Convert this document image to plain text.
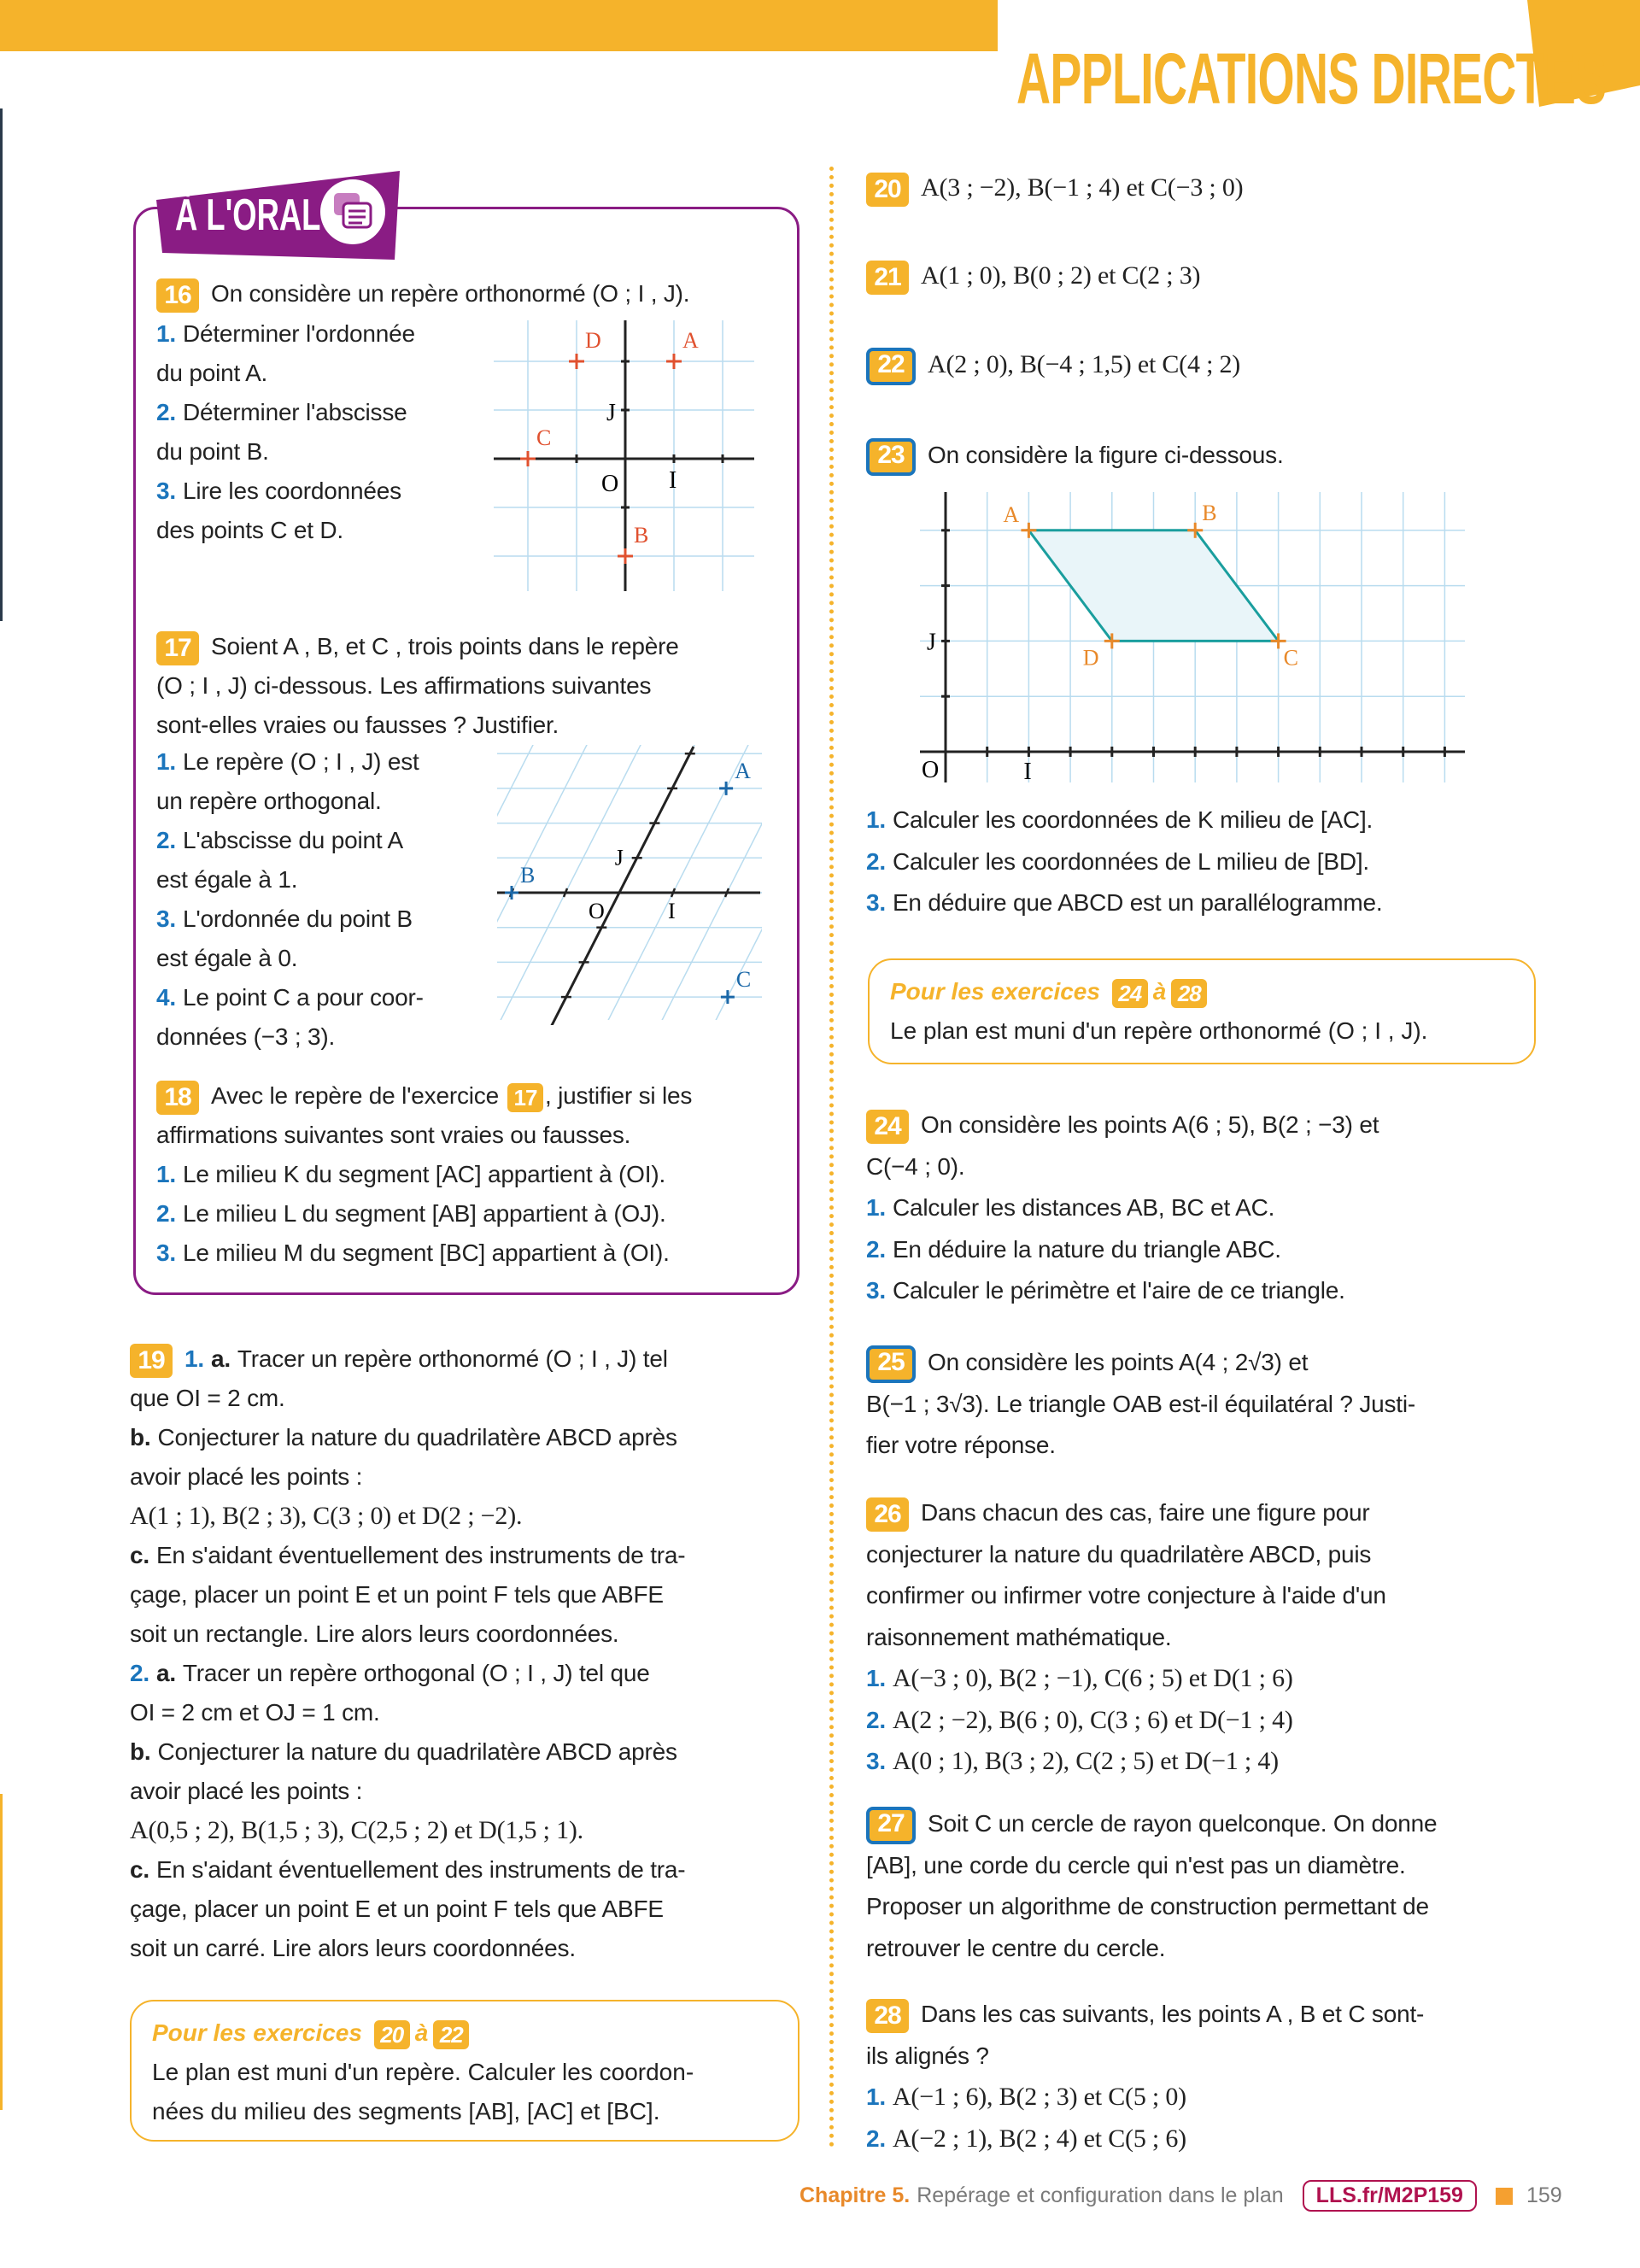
APPLICATIONS DIRECTES
À L'ORAL
16 On considère un repère orthonormé (O ; I , J).
1. Déterminer l'ordonnée
du point A.
2. Déterminer l'abscisse
du point B.
3. Lire les coordonnées
des points C et D.
O I
J
A
B
C
D
17 Soient A , B, et C , trois points dans le repère
(O ; I , J) ci-dessous. Les affirmations suivantes
sont-elles vraies ou fausses ? Justifier.
1. Le repère (O ; I , J) est
un repère orthogonal.
2. L'abscisse du point A
est égale à 1.
3. L'ordonnée du point B
est égale à 0.
4. Le point C a pour coor-
données (−3 ; 3).
O	I
J
A
B
C
18 Avec le repère de l'exercice 17 , justifier si les
affirmations suivantes sont vraies ou fausses.
1. Le milieu K du segment [AC] appartient à (OI).
2. Le milieu L du segment [AB] appartient à (OJ).
3. Le milieu M du segment [BC] appartient à (OI).
19 1. a. Tracer un repère orthonormé (O ; I , J) tel
que OI = 2 cm.
b. Conjecturer la nature du quadrilatère ABCD après
avoir placé les points :
A(1 ; 1), B(2 ; 3), C(3 ; 0) et D(2 ; −2).
c. En s'aidant éventuellement des instruments de tra-
çage, placer un point E et un point F tels que ABFE
soit un rectangle. Lire alors leurs coordonnées.
2. a. Tracer un repère orthogonal (O ; I , J) tel que
OI = 2 cm et OJ = 1 cm.
b. Conjecturer la nature du quadrilatère ABCD après
avoir placé les points :
A(0,5 ; 2), B(1,5 ; 3), C(2,5 ; 2) et D(1,5 ; 1).
c. En s'aidant éventuellement des instruments de tra-
çage, placer un point E et un point F tels que ABFE
soit un carré. Lire alors leurs coordonnées.
Pour les exercices 20 à 22
Le plan est muni d'un repère. Calculer les coordon-
nées du milieu des segments [AB], [AC] et [BC].
20 A(3 ; −2), B(−1 ; 4) et C(−3 ; 0)
21 A(1 ; 0), B(0 ; 2) et C(2 ; 3)
22 A(2 ; 0), B(−4 ; 1,5) et C(4 ; 2)
23 On considère la figure ci-dessous.
O	I
J
A	B
C
D
1. Calculer les coordonnées de K milieu de [AC].
2. Calculer les coordonnées de L milieu de [BD].
3. En déduire que ABCD est un parallélogramme.
Pour les exercices 24 à 28
Le plan est muni d'un repère orthonormé (O ; I , J).
24 On considère les points A(6 ; 5), B(2 ; −3) et
C(−4 ; 0).
1. Calculer les distances AB, BC et AC.
2. En déduire la nature du triangle ABC.
3. Calculer le périmètre et l'aire de ce triangle.
25 On considère les points A(4 ; 2√3) et
B(−1 ; 3√3). Le triangle OAB est-il équilatéral ? Justi-
fier votre réponse.
26 Dans chacun des cas, faire une figure pour
conjecturer la nature du quadrilatère ABCD, puis
confirmer ou infirmer votre conjecture à l'aide d'un
raisonnement mathématique.
1. A(−3 ; 0), B(2 ; −1), C(6 ; 5) et D(1 ; 6)
2. A(2 ; −2), B(6 ; 0), C(3 ; 6) et D(−1 ; 4)
3. A(0 ; 1), B(3 ; 2), C(2 ; 5) et D(−1 ; 4)
27 Soit C un cercle de rayon quelconque. On donne
[AB], une corde du cercle qui n'est pas un diamètre.
Proposer un algorithme de construction permettant de
retrouver le centre du cercle.
28 Dans les cas suivants, les points A , B et C sont-
ils alignés ?
1. A(−1 ; 6), B(2 ; 3) et C(5 ; 0)
2. A(−2 ; 1), B(2 ; 4) et C(5 ; 6)
Chapitre 5. Repérage et configuration dans le plan	LLS.fr/M2P159	159
